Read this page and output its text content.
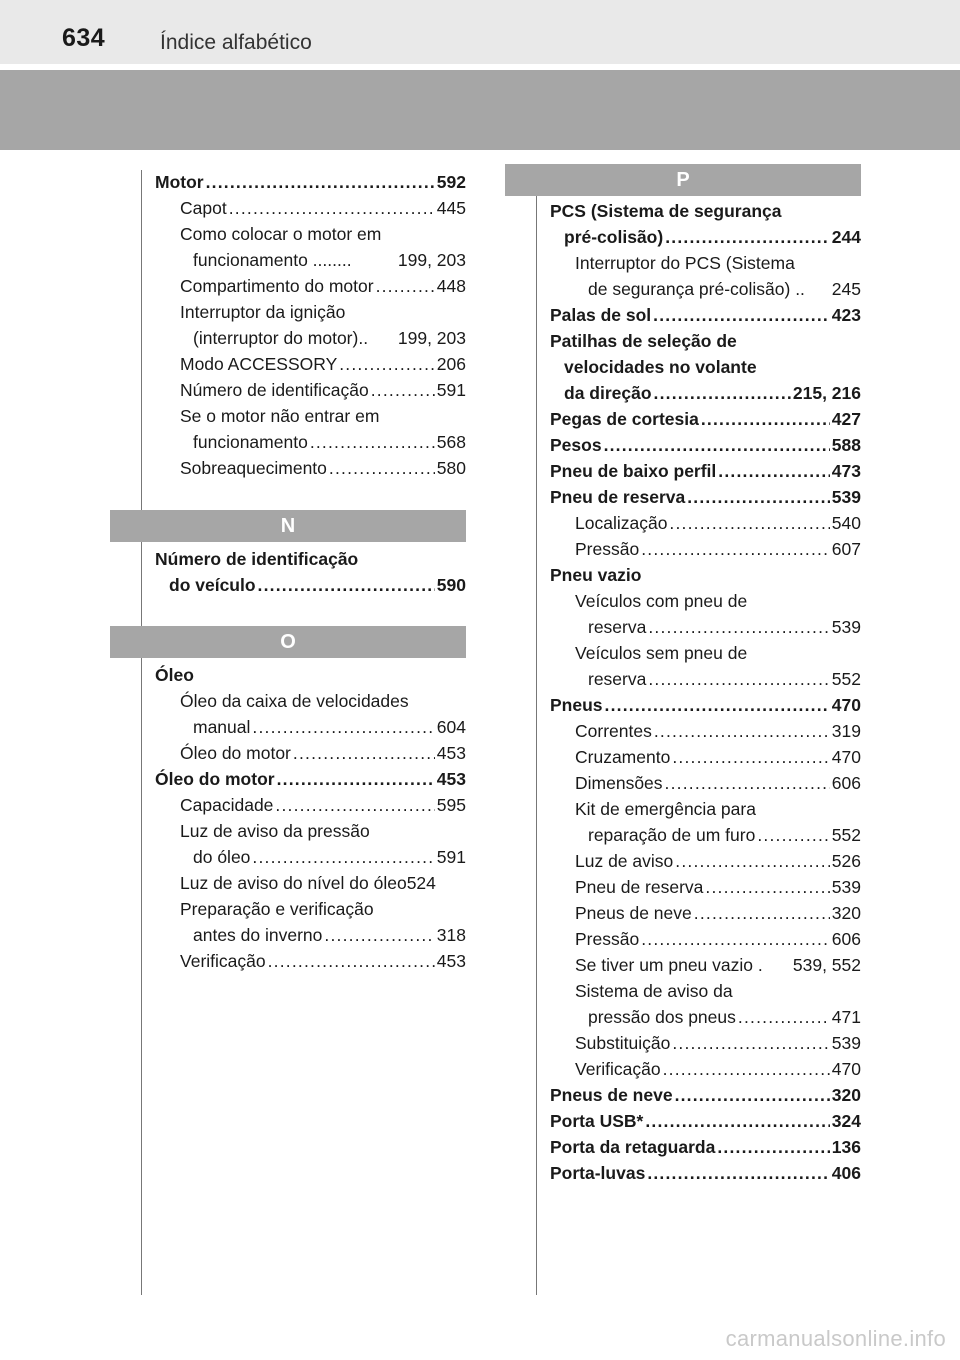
634	Índice alfabético
Motor .....	592
Capot .....	445
Como colocar o motor em
funcionamento ........	199, 203
Compartimento do motor .....	448
Interruptor da ignição
(interruptor do motor).. 199, 203
Modo ACCESSORY .....	206
Número de identificação .....	591
Se o motor não entrar em
funcionamento .....	568
Sobreaquecimento .....	580
N
Número de identificação
do veículo .....	590
O
Óleo
Óleo da caixa de velocidades
manual .....	604
Óleo do motor .....	453
Óleo do motor .....	453
Capacidade .....	595
Luz de aviso da pressão
do óleo .....	591
Luz de aviso do nível do óleo524
Preparação e verificação
antes do inverno .....	318
Verificação .....	453
P
PCS (Sistema de segurança
pré-colisão) .....	244
Interruptor do PCS (Sistema
de segurança pré-colisão) .. 245
Palas de sol .....	423
Patilhas de seleção de
velocidades no volante
da direção .....	215, 216
Pegas de cortesia .....	427
Pesos .....	588
Pneu de baixo perfil .....	473
Pneu de reserva .....	539
Localização .....	540
Pressão .....	607
Pneu vazio
Veículos com pneu de
reserva .....	539
Veículos sem pneu de
reserva .....	552
Pneus .....	470
Correntes .....	319
Cruzamento .....	470
Dimensões .....	606
Kit de emergência para
reparação de um furo .....	552
Luz de aviso .....	526
Pneu de reserva .....	539
Pneus de neve .....	320
Pressão .....	606
Se tiver um pneu vazio . 539, 552
Sistema de aviso da
pressão dos pneus .....	471
Substituição .....	539
Verificação .....	470
Pneus de neve .....	320
Porta USB* .....	324
Porta da retaguarda .....	136
Porta-luvas .....	406
carmanualsonline.info
